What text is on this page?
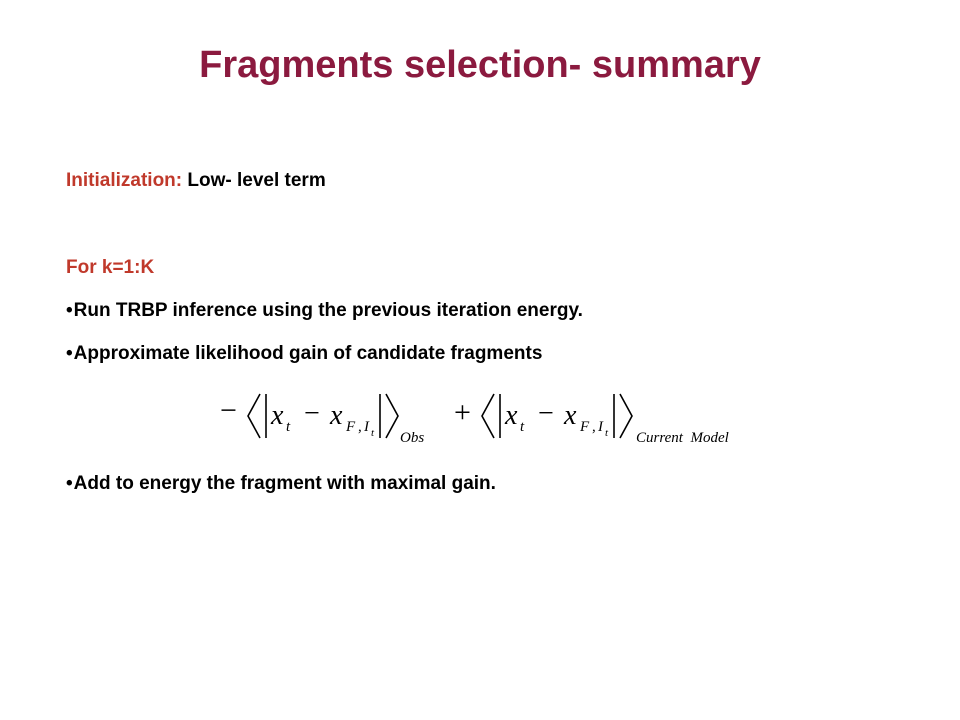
Fragments selection- summary
Initialization: Low- level term
For k=1:K
•Run TRBP inference using the previous iteration energy.
•Approximate likelihood gain of candidate fragments
− x t − x F , I t Obs
+ x t − x F , I t Current  Model
•Add to energy the fragment with maximal gain.
